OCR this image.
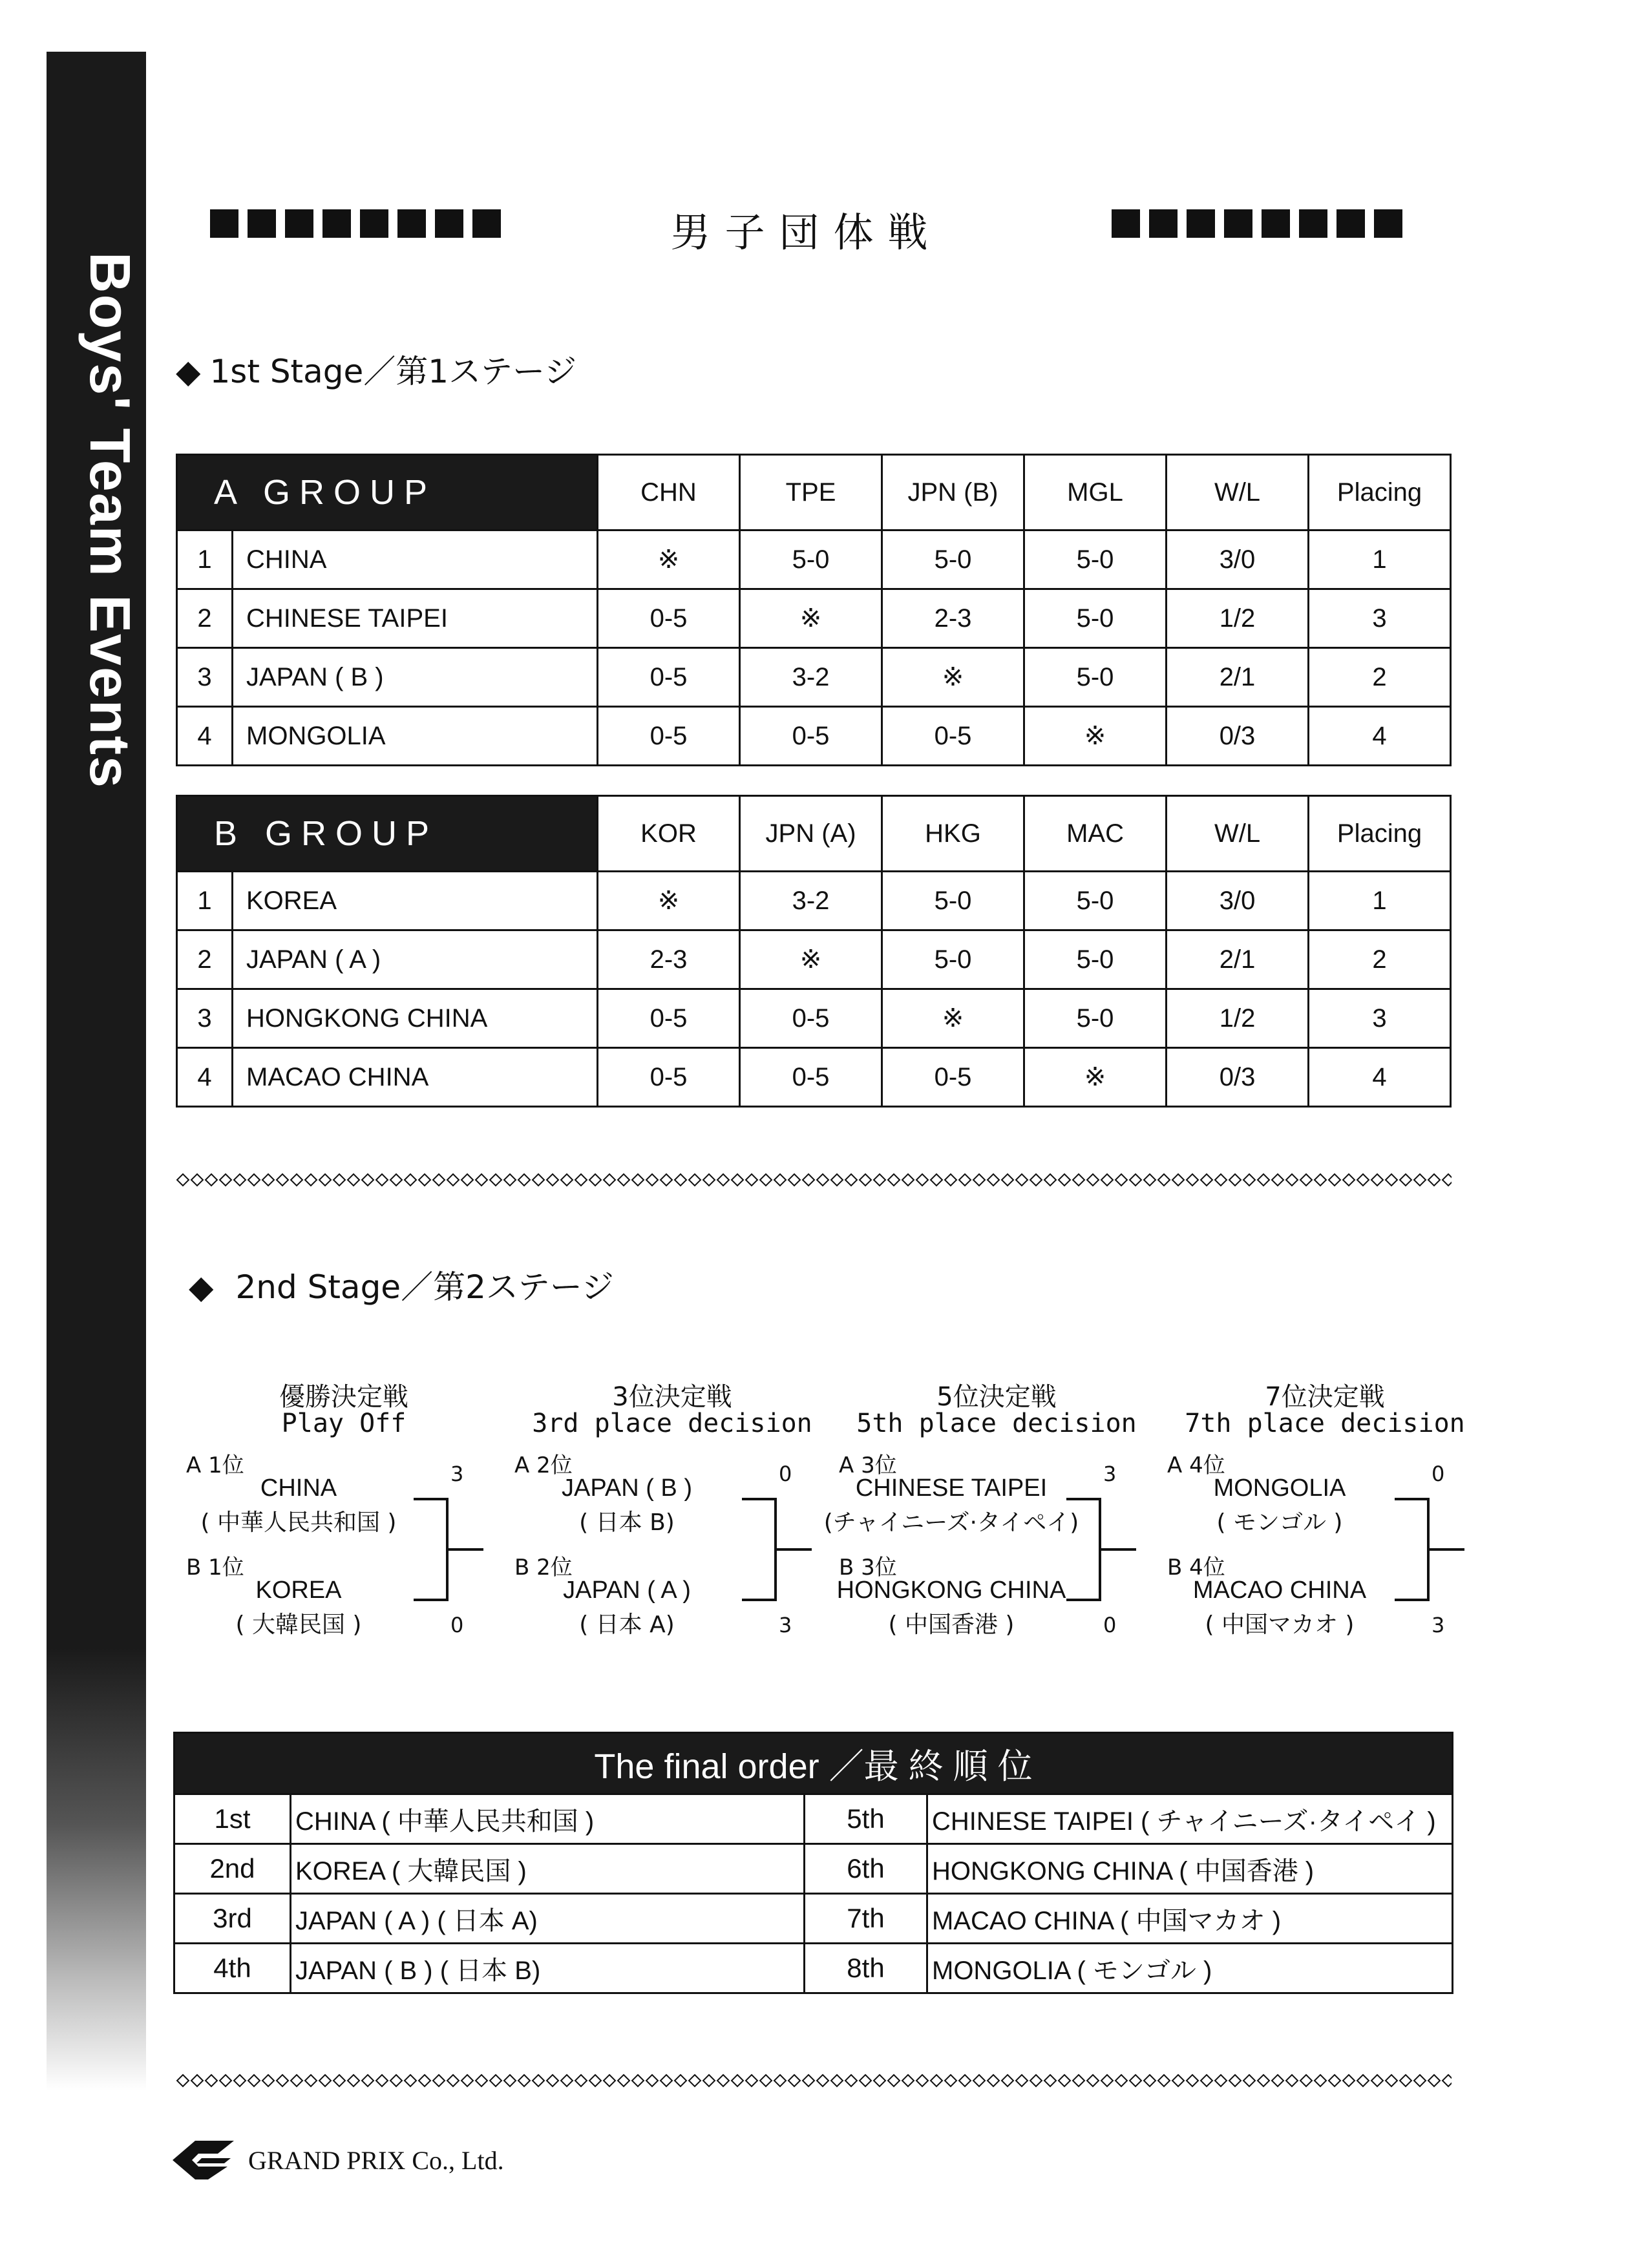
Boys' Team Events
男子団体戦
◆ 1st Stage／第1ステージ
A GROUP		CHN	TPE	JPN (B)	MGL	W/L	Placing
1	CHINA	※	5-0	5-0	5-0	3/0	1
2	CHINESE TAIPEI	0-5	※	2-3	5-0	1/2	3
3	JAPAN ( B )	0-5	3-2	※	5-0	2/1	2
4	MONGOLIA	0-5	0-5	0-5	※	0/3	4
B GROUP		KOR	JPN (A)	HKG	MAC	W/L	Placing
1	KOREA	※	3-2	5-0	5-0	3/0	1
2	JAPAN ( A )	2-3	※	5-0	5-0	2/1	2
3	HONGKONG CHINA	0-5	0-5	※	5-0	1/2	3
4	MACAO CHINA	0-5	0-5	0-5	※	0/3	4
◆ 2nd Stage／第2ステージ
優勝決定戦
Play Off
A 1位
CHINA
( 中華人民共和国 )
3
B 1位
KOREA
( 大韓民国 )	0
3位決定戦
3rd place decision
A 2位
JAPAN ( B )
( 日本 B)
0
B 2位
JAPAN ( A )
( 日本 A)	3
5位決定戦
5th place decision
A 3位
CHINESE TAIPEI
(チャイニーズ·タイペイ)
3
B 3位
HONGKONG CHINA
( 中国香港 )	0
7位決定戦
7th place decision
A 4位
MONGOLIA
( モンゴル )
0
B 4位
MACAO CHINA
( 中国マカオ )	3
The final order ／最 終 順 位			
1st	CHINA ( 中華人民共和国 )	5th	CHINESE TAIPEI ( チャイニーズ·タイペイ )
2nd	KOREA ( 大韓民国 )	6th	HONGKONG CHINA ( 中国香港 )
3rd	JAPAN ( A ) ( 日本 A)	7th	MACAO CHINA ( 中国マカオ )
4th	JAPAN ( B ) ( 日本 B)	8th	MONGOLIA ( モンゴル )
GRAND PRIX Co., Ltd.
